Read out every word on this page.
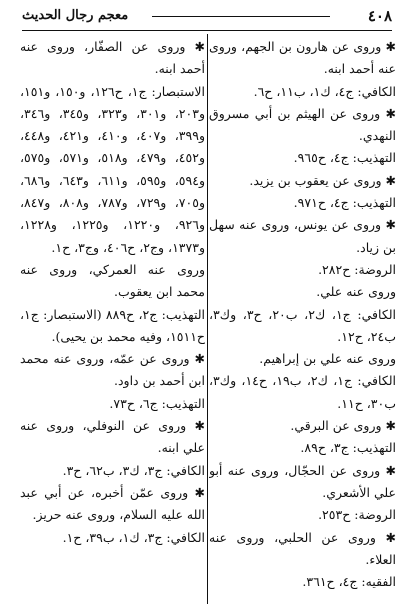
٤٠٨
معجم رجال الحديث

✱ وروى عن هارون بن الجهم، وروى عنه أحمد ابنه.

الكافي: ج٤، ك١، ب١١، ح٦.

✱ وروى عن الهيثم بن أبي مسروق النهدي.

التهذيب: ج٤، ح٩٦٥.

✱ وروى عن يعقوب بن يزيد.

التهذيب: ج٤، ح٩٧١.

✱ وروى عن يونس، وروى عنه سهل بن زياد.

الروضة: ح٢٨٢.

وروى عنه علي.

الكافي: ج١، ك٢، ب٢٠، ح٣، وك٣، ب٢٤، ح١٢.

وروى عنه علي بن إبراهيم.

الكافي: ج١، ك٢، ب١٩، ح١٤، وك٣، ب٣٠، ح١١.

✱ وروى عن البرقي.

التهذيب: ج٣، ح٨٩.

✱ وروى عن الحجّال، وروى عنه أبو علي الأشعري.

الروضة: ح٢٥٣.

✱ وروى عن الحلبي، وروى عنه العلاء.

الفقيه: ج٤، ح٣٦١.

✱ وروى عن الصفّار، وروى عنه أحمد ابنه.

الاستبصار: ج١، ح١٢٦، و١٥٠، و١٥١، و٢٠٣، و٣٠١، و٣٢٣، و٣٤٥، و٣٤٦، و٣٩٩، و٤٠٧، و٤١٠، و٤٢١، و٤٤٨، و٤٥٢، و٤٧٩، و٥١٨، و٥٧١، و٥٧٥، و٥٩٤، و٥٩٥، و٦١١، و٦٤٣، و٦٨٦، و٧٠٥، و٧٢٩، و٧٨٧، و٨٠٨، و٨٤٧، و٩٢٦، و١٢٢٠، و١٢٢٥، و١٢٢٨، و١٣٧٣، وج٢، ح٤٠٦، وج٣، ح١.

وروى عنه العمركي، وروى عنه محمد ابن يعقوب.

التهذيب: ج٢، ح٨٨٩ (الاستبصار: ج١، ح١٥١١، وفيه محمد بن يحيى).

✱ وروى عن عمّه، وروى عنه محمد ابن أحمد بن داود.

التهذيب: ج٦، ح٧٣.

✱ وروى عن النوفلي، وروى عنه علي ابنه.

الكافي: ج٣، ك٣، ب٦٢، ح٣.

✱ وروى عمّن أخبره، عن أبي عبد الله عليه السلام، وروى عنه حريز.

الكافي: ج٣، ك١، ب٣٩، ح١.
